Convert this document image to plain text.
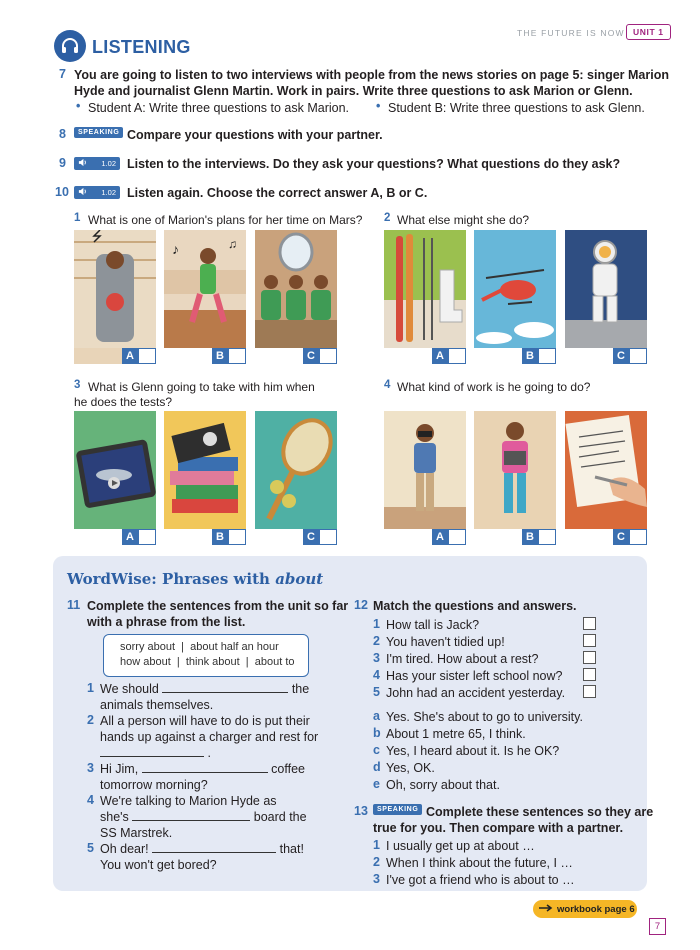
LISTENING
THE FUTURE IS NOW UNIT 1
7 You are going to listen to two interviews with people from the news stories on page 5: singer Marion
Hyde and journalist Glenn Martin. Work in pairs. Write three questions to ask Marion or Glenn.
• Student A: Write three questions to ask Marion. • Student B: Write three questions to ask Glenn.
8	SPEAKING Compare your questions with your partner.
9	1.02 Listen to the interviews. Do they ask your questions? What questions do they ask?
10	1.02 Listen again. Choose the correct answer A, B or C.
1 What is one of Marion's plans for her time on Mars? 2 What else might she do?
A
♪	♫
B	C	A	B	C
3 What is Glenn going to take with him when
he does the tests?
4 What kind of work is he going to do?
A	B	C	A	B	C
WordWise: Phrases with about
11 Complete the sentences from the unit so far
with a phrase from the list.
sorry about  |  about half an hour
how about  |  think about  |  about to
1 We should	the
animals themselves.
2 All a person will have to do is put their
hands up against a charger and rest for
.
3 Hi Jim,	coffee
tomorrow morning?
4 We're talking to Marion Hyde as
she's	board the
SS Marstrek.
5 Oh dear!	that!
You won't get bored?
12 Match the questions and answers.
1 How tall is Jack?
2 You haven't tidied up!
3 I'm tired. How about a rest?
4 Has your sister left school now?
5 John had an accident yesterday.
a Yes. She's about to go to university.
b About 1 metre 65, I think.
c Yes, I heard about it. Is he OK?
d Yes, OK.
e Oh, sorry about that.
13	SPEAKING Complete these sentences so they are
true for you. Then compare with a partner.
1 I usually get up at about …
2 When I think about the future, I …
3 I've got a friend who is about to …
workbook page 6
7
